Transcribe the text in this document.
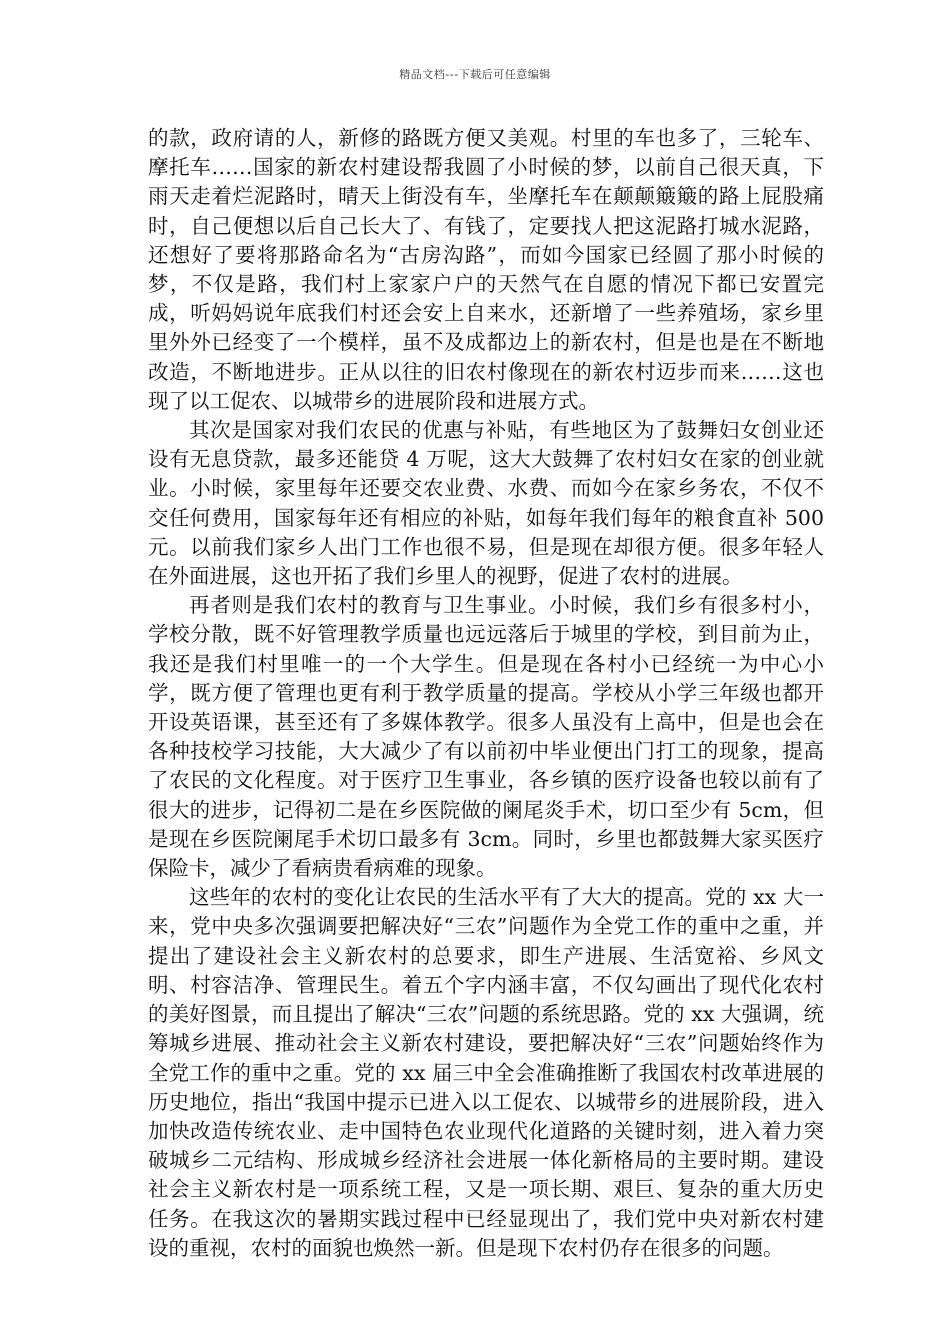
精品文档---下载后可任意编辑

的款，政府请的人，新修的路既方便又美观。村里的车也多了，三轮车、摩托车……国家的新农村建设帮我圆了小时候的梦，以前自己很天真，下雨天走着烂泥路时，晴天上街没有车，坐摩托车在颠颠簸簸的路上屁股痛时，自己便想以后自己长大了、有钱了，定要找人把这泥路打城水泥路，还想好了要将那路命名为“古房沟路”，而如今国家已经圆了那小时候的梦，不仅是路，我们村上家家户户的天然气在自愿的情况下都已安置完成，听妈妈说年底我们村还会安上自来水，还新增了一些养殖场，家乡里里外外已经变了一个模样，虽不及成都边上的新农村，但是也是在不断地改造，不断地进步。正从以往的旧农村像现在的新农村迈步而来……这也现了以工促农、以城带乡的进展阶段和进展方式。

其次是国家对我们农民的优惠与补贴，有些地区为了鼓舞妇女创业还设有无息贷款，最多还能贷 4 万呢，这大大鼓舞了农村妇女在家的创业就业。小时候，家里每年还要交农业费、水费、而如今在家乡务农，不仅不交任何费用，国家每年还有相应的补贴，如每年我们每年的粮食直补 500 元。以前我们家乡人出门工作也很不易，但是现在却很方便。很多年轻人在外面进展，这也开拓了我们乡里人的视野，促进了农村的进展。

再者则是我们农村的教育与卫生事业。小时候，我们乡有很多村小，学校分散，既不好管理教学质量也远远落后于城里的学校，到目前为止，我还是我们村里唯一的一个大学生。但是现在各村小已经统一为中心小学，既方便了管理也更有利于教学质量的提高。学校从小学三年级也都开开设英语课，甚至还有了多媒体教学。很多人虽没有上高中，但是也会在各种技校学习技能，大大减少了有以前初中毕业便出门打工的现象，提高了农民的文化程度。对于医疗卫生事业，各乡镇的医疗设备也较以前有了很大的进步，记得初二是在乡医院做的阑尾炎手术，切口至少有 5cm，但是现在乡医院阑尾手术切口最多有 3cm。同时，乡里也都鼓舞大家买医疗保险卡，减少了看病贵看病难的现象。

这些年的农村的变化让农民的生活水平有了大大的提高。党的 xx 大一来，党中央多次强调要把解决好“三农”问题作为全党工作的重中之重，并提出了建设社会主义新农村的总要求，即生产进展、生活宽裕、乡风文明、村容洁净、管理民生。着五个字内涵丰富，不仅勾画出了现代化农村的美好图景，而且提出了解决“三农”问题的系统思路。党的 xx 大强调，统筹城乡进展、推动社会主义新农村建设，要把解决好“三农”问题始终作为全党工作的重中之重。党的 xx 届三中全会准确推断了我国农村改革进展的历史地位，指出“我国中提示已进入以工促农、以城带乡的进展阶段，进入加快改造传统农业、走中国特色农业现代化道路的关键时刻，进入着力突破城乡二元结构、形成城乡经济社会进展一体化新格局的主要时期。建设社会主义新农村是一项系统工程，又是一项长期、艰巨、复杂的重大历史任务。在我这次的暑期实践过程中已经显现出了，我们党中央对新农村建设的重视，农村的面貌也焕然一新。但是现下农村仍存在很多的问题。
